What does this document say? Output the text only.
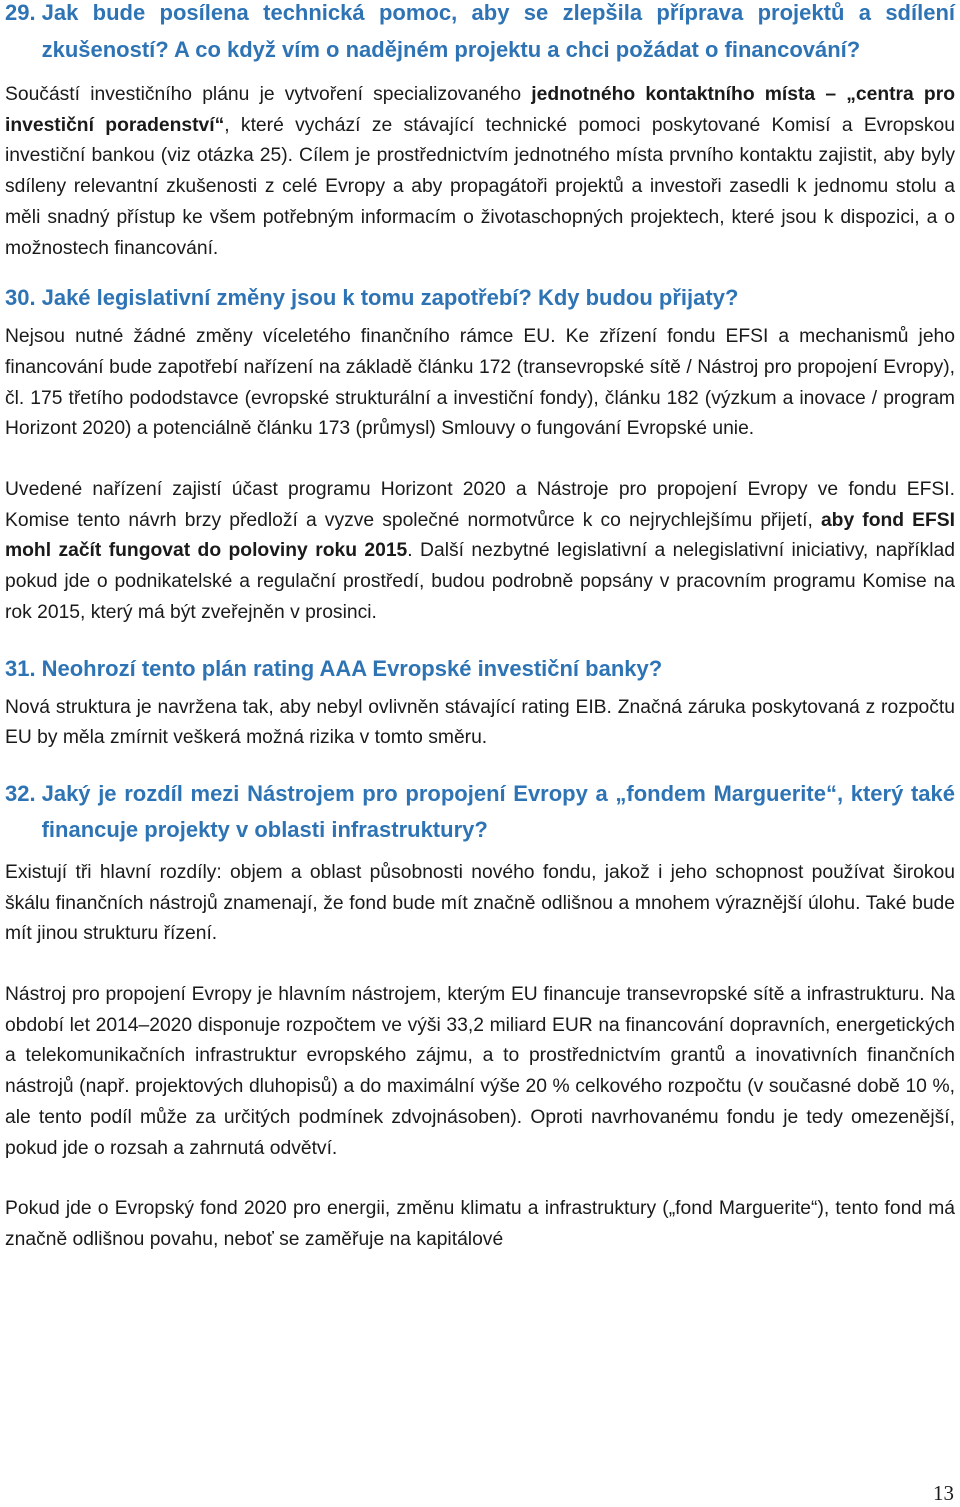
29. Jak bude posílena technická pomoc, aby se zlepšila příprava projektů a sdílení zkušeností? A co když vím o nadějném projektu a chci požádat o financování?

Součástí investičního plánu je vytvoření specializovaného jednotného kontaktního místa – „centra pro investiční poradenství“, které vychází ze stávající technické pomoci poskytované Komisí a Evropskou investiční bankou (viz otázka 25). Cílem je prostřednictvím jednotného místa prvního kontaktu zajistit, aby byly sdíleny relevantní zkušenosti z celé Evropy a aby propagátoři projektů a investoři zasedli k jednomu stolu a měli snadný přístup ke všem potřebným informacím o životaschopných projektech, které jsou k dispozici, a o možnostech financování.

30. Jaké legislativní změny jsou k tomu zapotřebí? Kdy budou přijaty?

Nejsou nutné žádné změny víceletého finančního rámce EU. Ke zřízení fondu EFSI a mechanismů jeho financování bude zapotřebí nařízení na základě článku 172 (transevropské sítě / Nástroj pro propojení Evropy), čl. 175 třetího pododstavce (evropské strukturální a investiční fondy), článku 182 (výzkum a inovace / program Horizont 2020) a potenciálně článku 173 (průmysl) Smlouvy o fungování Evropské unie.

Uvedené nařízení zajistí účast programu Horizont 2020 a Nástroje pro propojení Evropy ve fondu EFSI. Komise tento návrh brzy předloží a vyzve společné normotvůrce k co nejrychlejšímu přijetí, aby fond EFSI mohl začít fungovat do poloviny roku 2015. Další nezbytné legislativní a nelegislativní iniciativy, například pokud jde o podnikatelské a regulační prostředí, budou podrobně popsány v pracovním programu Komise na rok 2015, který má být zveřejněn v prosinci.

31. Neohrozí tento plán rating AAA Evropské investiční banky?

Nová struktura je navržena tak, aby nebyl ovlivněn stávající rating EIB. Značná záruka poskytovaná z rozpočtu EU by měla zmírnit veškerá možná rizika v tomto směru.

32. Jaký je rozdíl mezi Nástrojem pro propojení Evropy a „fondem Marguerite“, který také financuje projekty v oblasti infrastruktury?

Existují tři hlavní rozdíly: objem a oblast působnosti nového fondu, jakož i jeho schopnost používat širokou škálu finančních nástrojů znamenají, že fond bude mít značně odlišnou a mnohem výraznější úlohu. Také bude mít jinou strukturu řízení.

Nástroj pro propojení Evropy je hlavním nástrojem, kterým EU financuje transevropské sítě a infrastrukturu. Na období let 2014–2020 disponuje rozpočtem ve výši 33,2 miliard EUR na financování dopravních, energetických a telekomunikačních infrastruktur evropského zájmu, a to prostřednictvím grantů a inovativních finančních nástrojů (např. projektových dluhopisů) a do maximální výše 20 % celkového rozpočtu (v současné době 10 %, ale tento podíl může za určitých podmínek zdvojnásoben). Oproti navrhovanému fondu je tedy omezenější, pokud jde o rozsah a zahrnutá odvětví.

Pokud jde o Evropský fond 2020 pro energii, změnu klimatu a infrastruktury („fond Marguerite“), tento fond má značně odlišnou povahu, neboť se zaměřuje na kapitálové

13
